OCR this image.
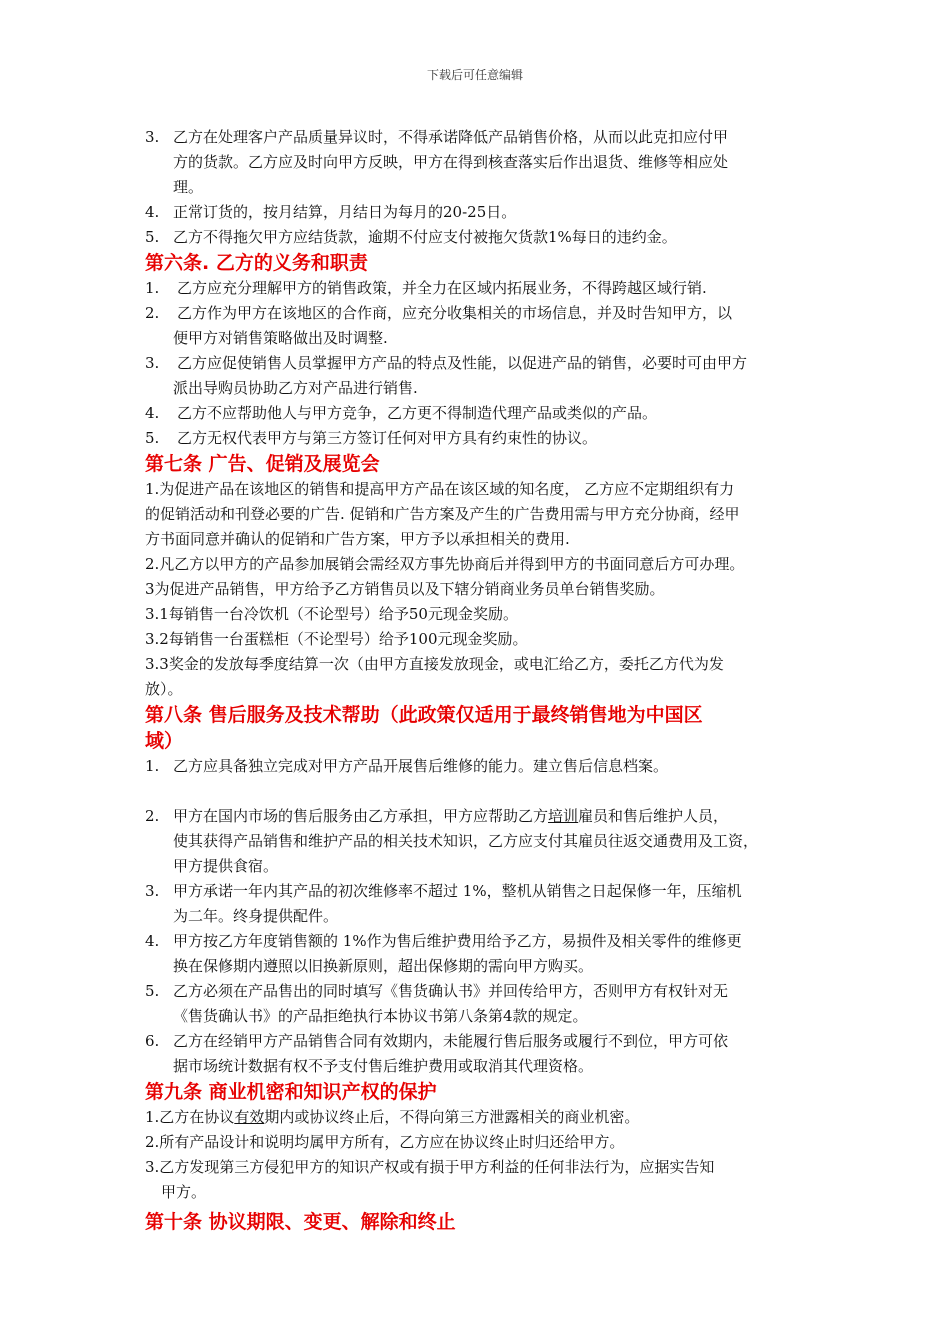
下载后可任意编辑

3. 乙方在处理客户产品质量异议时，不得承诺降低产品销售价格，从而以此克扣应付甲

方的货款。乙方应及时向甲方反映，甲方在得到核查落实后作出退货、维修等相应处

理。

4. 正常订货的，按月结算，月结日为每月的20-25日。

5. 乙方不得拖欠甲方应结货款，逾期不付应支付被拖欠货款1%每日的违约金。

第六条. 乙方的义务和职责

1. 乙方应充分理解甲方的销售政策，并全力在区域内拓展业务，不得跨越区域行销.

2. 乙方作为甲方在该地区的合作商，应充分收集相关的市场信息，并及时告知甲方，以

便甲方对销售策略做出及时调整.

3. 乙方应促使销售人员掌握甲方产品的特点及性能，以促进产品的销售，必要时可由甲方

派出导购员协助乙方对产品进行销售.

4. 乙方不应帮助他人与甲方竞争，乙方更不得制造代理产品或类似的产品。

5. 乙方无权代表甲方与第三方签订任何对甲方具有约束性的协议。

第七条 广告、促销及展览会

1.为促进产品在该地区的销售和提高甲方产品在该区域的知名度， 乙方应不定期组织有力

的促销活动和刊登必要的广告. 促销和广告方案及产生的广告费用需与甲方充分协商，经甲

方书面同意并确认的促销和广告方案，甲方予以承担相关的费用.

2.凡乙方以甲方的产品参加展销会需经双方事先协商后并得到甲方的书面同意后方可办理。

3为促进产品销售，甲方给予乙方销售员以及下辖分销商业务员单台销售奖励。

3.1每销售一台冷饮机（不论型号）给予50元现金奖励。

3.2每销售一台蛋糕柜（不论型号）给予100元现金奖励。

3.3奖金的发放每季度结算一次（由甲方直接发放现金，或电汇给乙方，委托乙方代为发

放）。

第八条 售后服务及技术帮助（此政策仅适用于最终销售地为中国区

域）

1. 乙方应具备独立完成对甲方产品开展售后维修的能力。建立售后信息档案。

2. 甲方在国内市场的售后服务由乙方承担，甲方应帮助乙方培训雇员和售后维护人员，

使其获得产品销售和维护产品的相关技术知识，乙方应支付其雇员往返交通费用及工资，

甲方提供食宿。

3. 甲方承诺一年内其产品的初次维修率不超过 1%，整机从销售之日起保修一年，压缩机

为二年。终身提供配件。

4. 甲方按乙方年度销售额的 1%作为售后维护费用给予乙方，易损件及相关零件的维修更

换在保修期内遵照以旧换新原则，超出保修期的需向甲方购买。

5. 乙方必须在产品售出的同时填写《售货确认书》并回传给甲方，否则甲方有权针对无

《售货确认书》的产品拒绝执行本协议书第八条第4款的规定。

6. 乙方在经销甲方产品销售合同有效期内，未能履行售后服务或履行不到位，甲方可依

据市场统计数据有权不予支付售后维护费用或取消其代理资格。

第九条 商业机密和知识产权的保护

1.乙方在协议有效期内或协议终止后，不得向第三方泄露相关的商业机密。

2.所有产品设计和说明均属甲方所有，乙方应在协议终止时归还给甲方。

3.乙方发现第三方侵犯甲方的知识产权或有损于甲方利益的任何非法行为，应据实告知

甲方。

第十条 协议期限、变更、解除和终止
